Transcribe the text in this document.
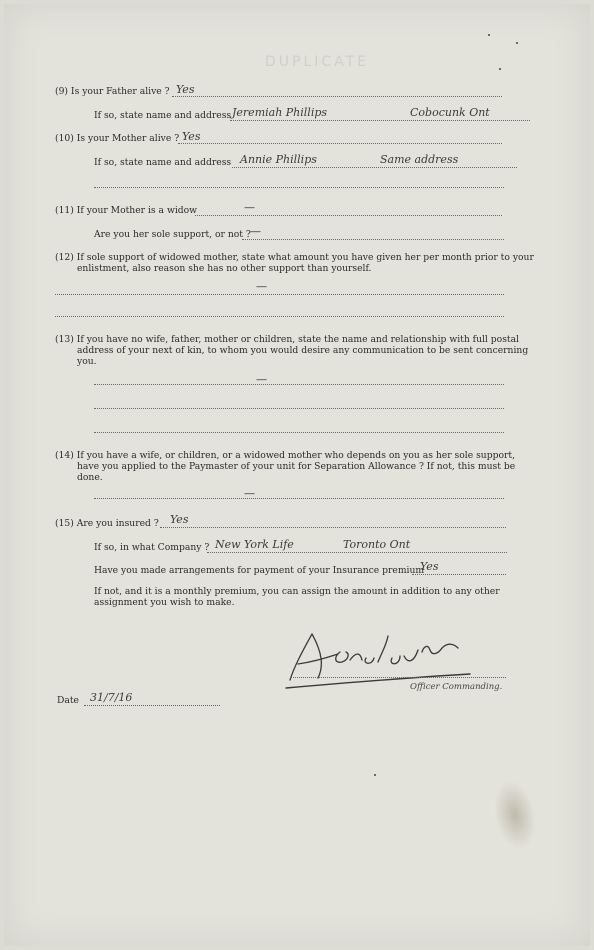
DUPLICATE
(9) Is your Father alive ? Yes
If so, state name and address Jeremiah Phillips	Cobocunk Ont
(10) Is your Mother alive ? Yes
If so, state name and address Annie Phillips	Same address
(11) If your Mother is a widow	—
Are you her sole support, or not ? —
(12) If sole support of widowed mother, state what amount you have given her per month prior to your enlistment, also reason she has no other support than yourself.
—
(13) If you have no wife, father, mother or children, state the name and relationship with full postal address of your next of kin, to whom you would desire any communication to be sent concerning you.
—
(14) If you have a wife, or children, or a widowed mother who depends on you as her sole support, have you applied to the Paymaster of your unit for Separation Allowance ? If not, this must be done.
—
(15) Are you insured ? Yes
If so, in what Company ? New York Life	Toronto Ont
Have you made arrangements for payment of your Insurance premium
Yes
If not, and it is a monthly premium, you can assign the amount in addition to any other assignment you wish to make.
Officer Commanding.
Date 31/7/16
